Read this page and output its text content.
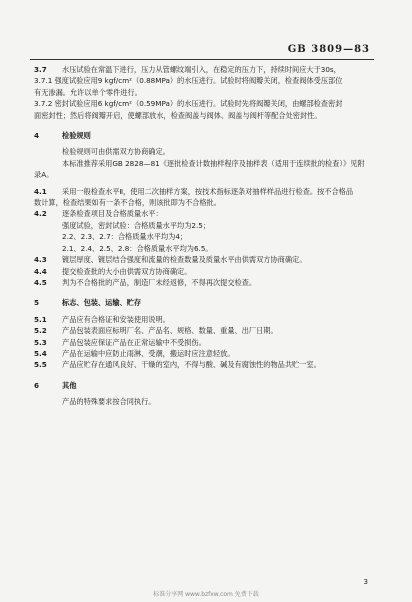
GB 3809—83

3.7 水压试验在常温下进行，压力从管螺纹端引入，在稳定的压力下，持续时间应大于30s，

3.7.1 强度试验应用9 kgf/cm²（0.88MPa）的水压进行。试验时将阀瓣关闭，检查阀体受压部位

有无渗漏。允许以单个零件进行。

3.7.2 密封试验应用6 kgf/cm²（0.59MPa）的水压进行。试验时先将阀瓣关闭，由螺部检查密封

面密封性；然后将阀瓣开启，使螺部放水，检查阀盖与阀体、阀盖与阀杆等配合处密封性。

4	检验规则

检验规则可由供需双方协商确定。

本标准推荐采用GB 2828—81《逐批检查计数抽样程序及抽样表（适用于连续批的检查）》见附

录A。

4.1 采用一般检查水平Ⅱ，使用二次抽样方案，按技术指标逐条对抽样样品进行检查。按不合格品

数计算，检查结果如有一条不合格，则该批即为不合格批。

4.2 逐条检查项目及合格质量水平：

强度试验，密封试验：合格质量水平均为2.5；

2.2、2.3、2.7：合格质量水平均为4；

2.1、2.4、2.5、2.8：合格质量水平均为6.5。

4.3 镀层厚度、镀层结合强度和流量的检查数量及质量水平由供需双方协商确定。

4.4 提交检查批的大小由供需双方协商确定。

4.5 判为不合格批的产品，制造厂未经返修，不得再次提交检查。

5	标志、包装、运输、贮存

5.1 产品应有合格证和安装使用说明。

5.2 产品包装表面应标明厂名、产品名、规格、数量、重量、出厂日期。

5.3 产品包装应保证产品在正常运输中不受损伤。

5.4 产品在运输中应防止雨淋、受潮，搬运时应注意轻放。

5.5 产品应贮存在通风良好、干燥的室内，不得与酸、碱及有腐蚀性的物品共贮一室。

6	其他

产品的特殊要求按合同执行。

3
标准分享网 www.bzfxw.com 免费下载
